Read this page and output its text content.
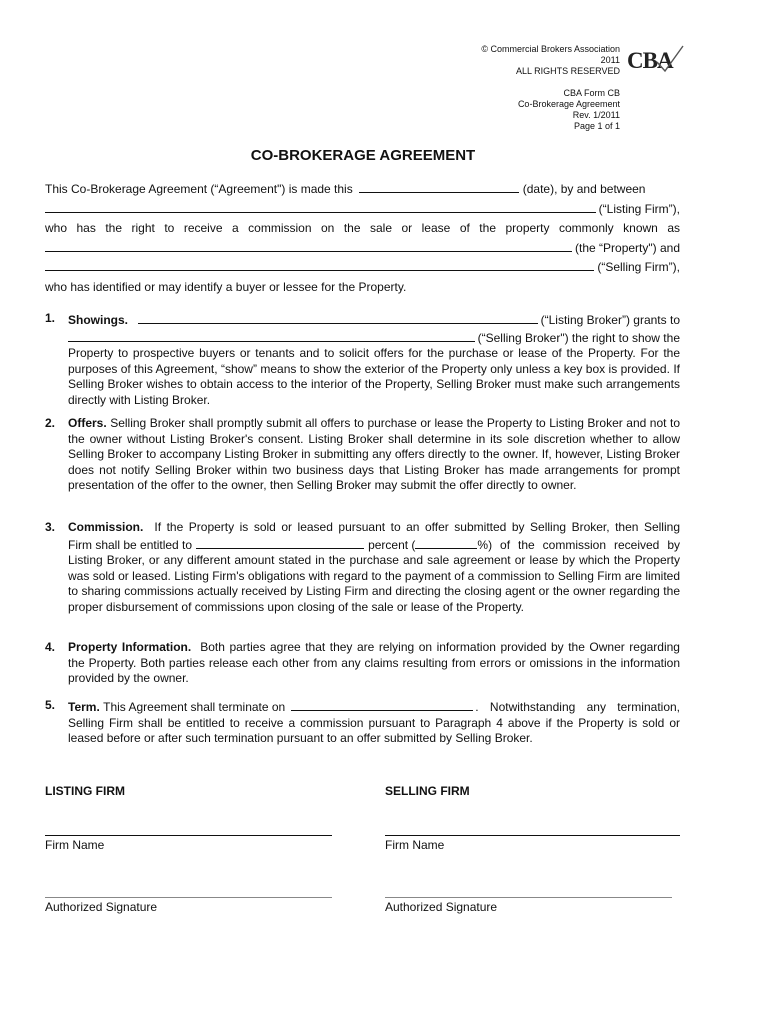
© Commercial Brokers Association
2011
ALL RIGHTS RESERVED
CBA Form CB
Co-Brokerage Agreement
Rev. 1/2011
Page 1 of 1
CBA
CO-BROKERAGE AGREEMENT
This Co-Brokerage Agreement (“Agreement") is made this	(date), by and between
(“Listing Firm”),
who has the right to receive a commission on the sale or lease of the property commonly known as
(the “Property") and
(“Selling Firm”),
who has identified or may identify a buyer or lessee for the Property.
1. Showings.	(“Listing Broker”) grants to
(“Selling Broker") the right to show the
Property to prospective buyers or tenants and to solicit offers for the purchase or lease of the Property. For the purposes of this Agreement, “show” means to show the exterior of the Property only unless a key box is provided. If Selling Broker wishes to obtain access to the interior of the Property, Selling Broker must make such arrangements directly with Listing Broker.
2. Offers. Selling Broker shall promptly submit all offers to purchase or lease the Property to Listing Broker and not to the owner without Listing Broker's consent. Listing Broker shall determine in its sole discretion whether to allow Selling Broker to accompany Listing Broker in submitting any offers directly to the owner. If, however, Listing Broker does not notify Selling Broker within two business days that Listing Broker has made arrangements for prompt presentation of the offer to the owner, then Selling Broker may submit the offer directly to owner.
3. Commission. If the Property is sold or leased pursuant to an offer submitted by Selling Broker, then Selling
Firm shall be entitled to	percent (	%) of the commission received by
Listing Broker, or any different amount stated in the purchase and sale agreement or lease by which the Property was sold or leased. Listing Firm's obligations with regard to the payment of a commission to Selling Firm are limited to sharing commissions actually received by Listing Firm and directing the closing agent or the owner regarding the proper disbursement of commissions upon closing of the sale or lease of the Property.
4. Property Information. Both parties agree that they are relying on information provided by the Owner regarding the Property. Both parties release each other from any claims resulting from errors or omissions in the information provided by the owner.
5. Term.
This Agreement shall terminate on	. Notwithstanding any termination,
Selling Firm shall be entitled to receive a commission pursuant to Paragraph 4 above if the Property is sold or leased before or after such termination pursuant to an offer submitted by Selling Broker.
LISTING FIRM	SELLING FIRM
Firm Name	Firm Name
Authorized Signature	Authorized Signature
